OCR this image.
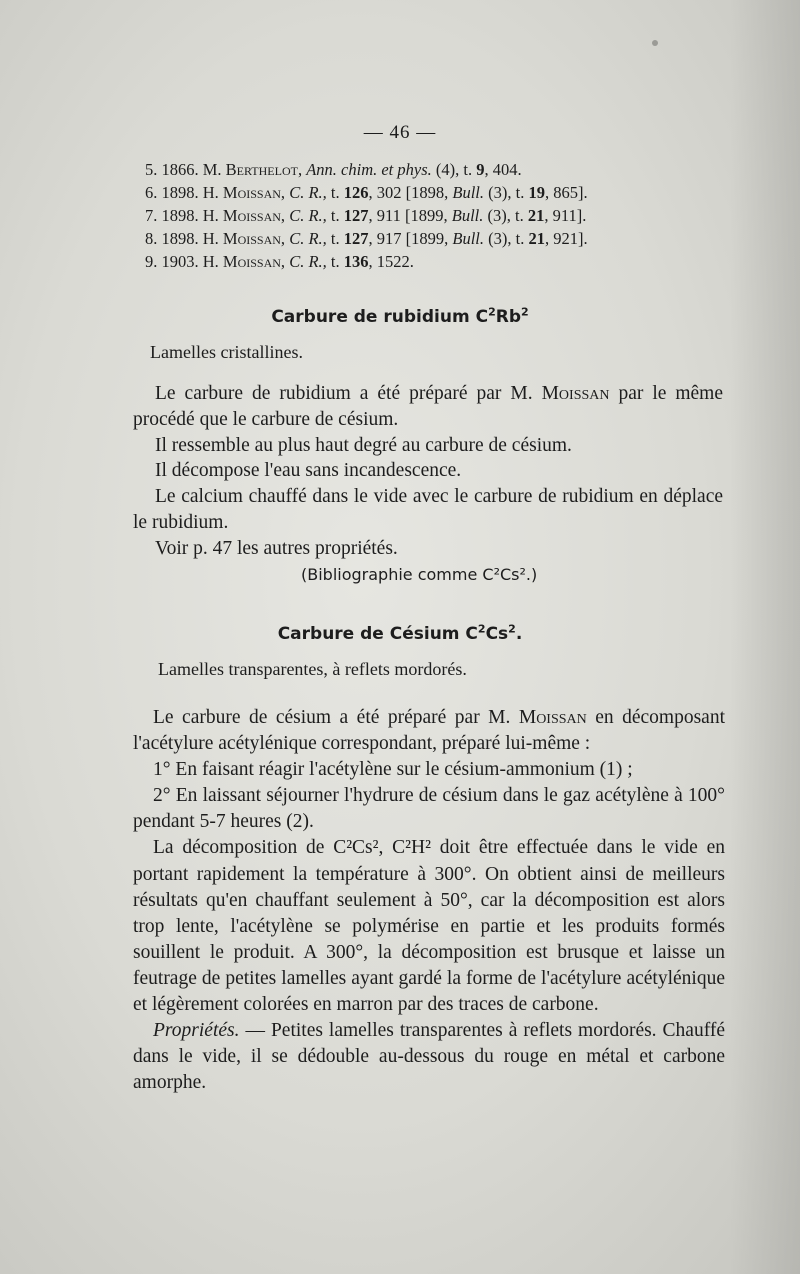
— 46 —
5. 1866. M. Berthelot, Ann. chim. et phys. (4), t. 9, 404.
6. 1898. H. Moissan, C. R., t. 126, 302 [1898, Bull. (3), t. 19, 865].
7. 1898. H. Moissan, C. R., t. 127, 911 [1899, Bull. (3), t. 21, 911].
8. 1898. H. Moissan, C. R., t. 127, 917 [1899, Bull. (3), t. 21, 921].
9. 1903. H. Moissan, C. R., t. 136, 1522.
Carbure de rubidium $C^2Rb^2$
Lamelles cristallines.

Le carbure de rubidium a été préparé par M. Moissan par le même procédé que le carbure de césium.

Il ressemble au plus haut degré au carbure de césium.

Il décompose l'eau sans incandescence.

Le calcium chauffé dans le vide avec le carbure de rubidium en déplace le rubidium.

Voir p. 47 les autres propriétés.

(Bibliographie comme C²Cs².)

Carbure de Césium $C^2Cs^2$.
Lamelles transparentes, à reflets mordorés.

Le carbure de césium a été préparé par M. Moissan en décomposant l'acétylure acétylénique correspondant, préparé lui-même :

1° En faisant réagir l'acétylène sur le césium-ammonium (1) ;

2° En laissant séjourner l'hydrure de césium dans le gaz acétylène à 100° pendant 5-7 heures (2).

La décomposition de C²Cs², C²H² doit être effectuée dans le vide en portant rapidement la température à 300°. On obtient ainsi de meilleurs résultats qu'en chauffant seulement à 50°, car la décomposition est alors trop lente, l'acétylène se polymérise en partie et les produits formés souillent le produit. A 300°, la décomposition est brusque et laisse un feutrage de petites lamelles ayant gardé la forme de l'acétylure acétylénique et légèrement colorées en marron par des traces de carbone.

Propriétés. — Petites lamelles transparentes à reflets mordorés. Chauffé dans le vide, il se dédouble au-dessous du rouge en métal et carbone amorphe.
